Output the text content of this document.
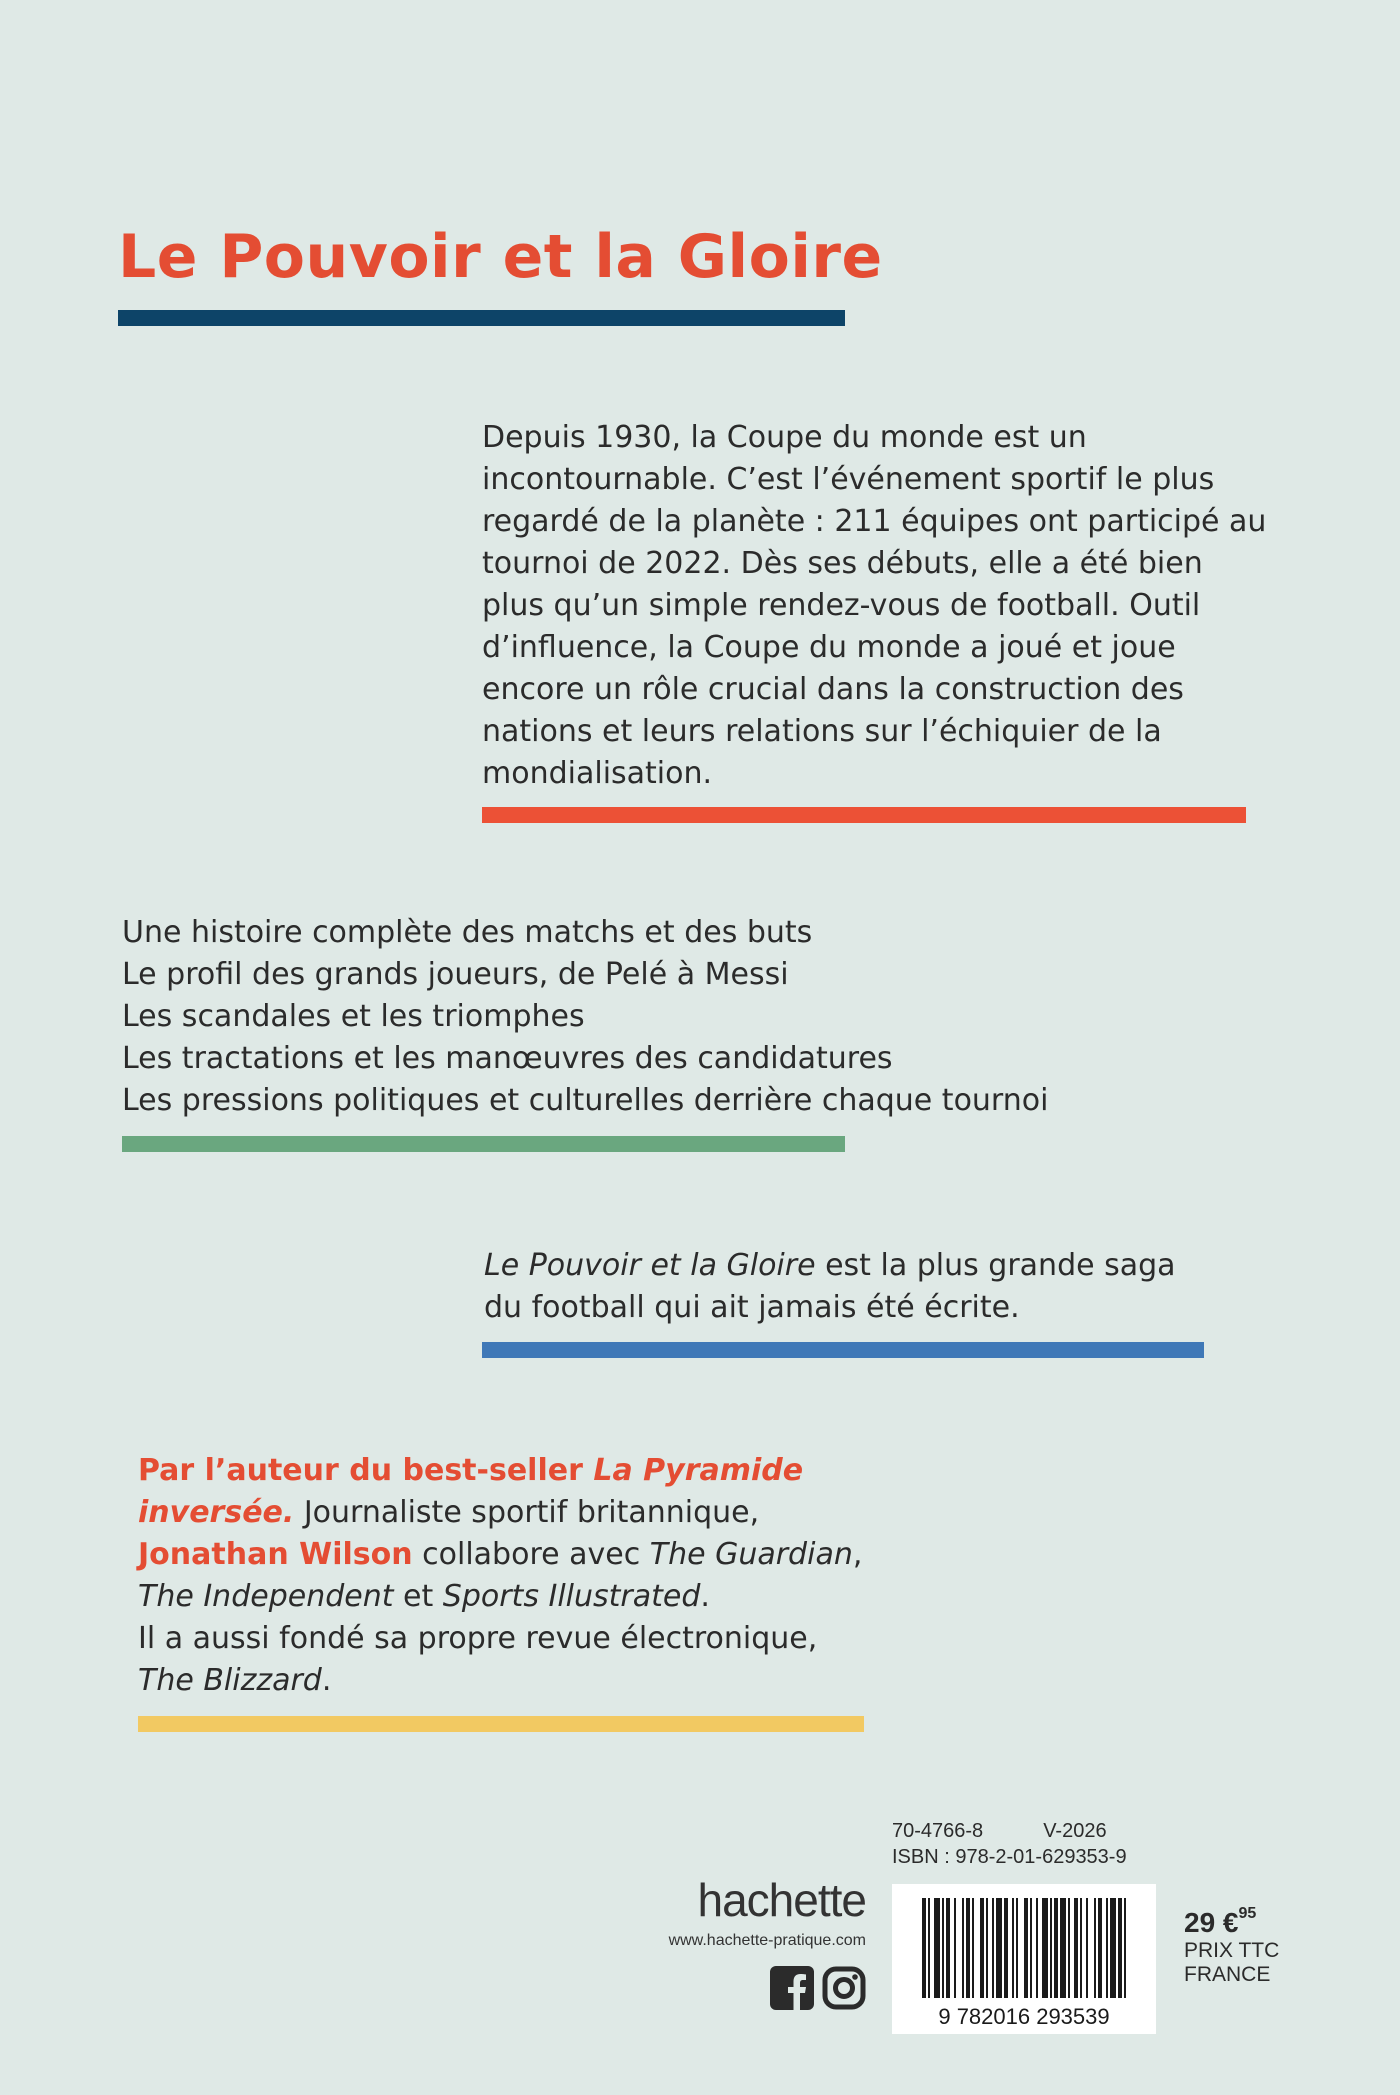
Le Pouvoir et la Gloire

Depuis 1930, la Coupe du monde est un incontournable. C’est l’événement sportif le plus regardé de la planète : 211 équipes ont participé au tournoi de 2022. Dès ses débuts, elle a été bien plus qu’un simple rendez-vous de football. Outil d’influence, la Coupe du monde a joué et joue encore un rôle crucial dans la construction des nations et leurs relations sur l’échiquier de la mondialisation.

Une histoire complète des matchs et des buts
Le profil des grands joueurs, de Pelé à Messi
Les scandales et les triomphes
Les tractations et les manœuvres des candidatures
Les pressions politiques et culturelles derrière chaque tournoi
Le Pouvoir et la Gloire est la plus grande saga
du football qui ait jamais été écrite.
Par l’auteur du best-seller La Pyramide
inversée. Journaliste sportif britannique,
Jonathan Wilson collabore avec The Guardian,
The Independent et Sports Illustrated.
Il a aussi fondé sa propre revue électronique,
The Blizzard.
hachette
www.hachette-pratique.com
70-4766-8	V-2026
ISBN : 978-2-01-629353-9
9 782016 293539
29 €95
PRIX TTC
FRANCE
